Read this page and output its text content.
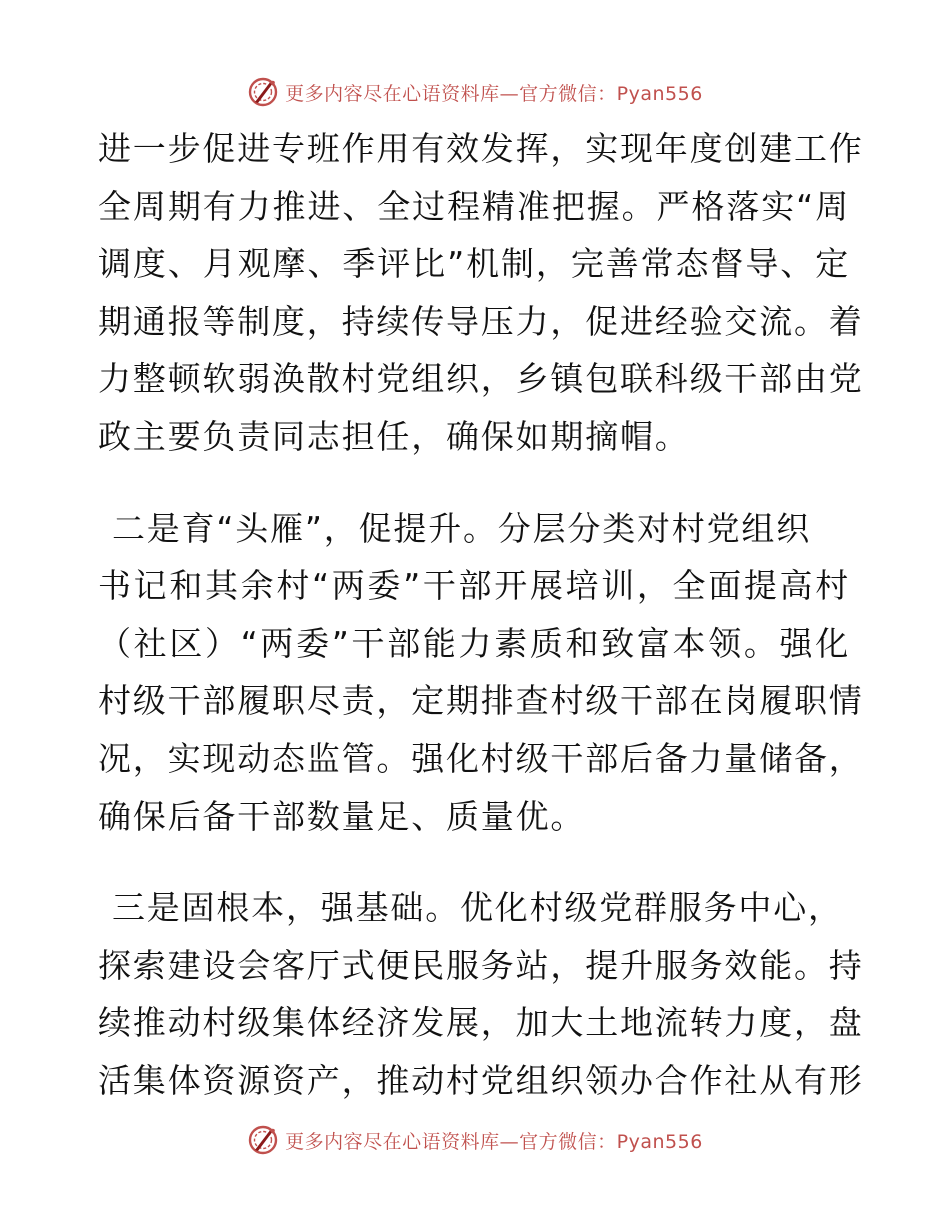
更多内容尽在心语资料库—官方微信：Pyan556
进一步促进专班作用有效发挥，实现年度创建工作
全周期有力推进、全过程精准把握。严格落实“周
调度、月观摩、季评比”机制，完善常态督导、定
期通报等制度，持续传导压力，促进经验交流。着
力整顿软弱涣散村党组织，乡镇包联科级干部由党
政主要负责同志担任，确保如期摘帽。
二是育“头雁”，促提升。分层分类对村党组织
书记和其余村“两委”干部开展培训，全面提高村
（社区）“两委”干部能力素质和致富本领。强化
村级干部履职尽责，定期排查村级干部在岗履职情
况，实现动态监管。强化村级干部后备力量储备，
确保后备干部数量足、质量优。
三是固根本，强基础。优化村级党群服务中心，
探索建设会客厅式便民服务站，提升服务效能。持
续推动村级集体经济发展，加大土地流转力度，盘
活集体资源资产，推动村党组织领办合作社从有形
更多内容尽在心语资料库—官方微信：Pyan556
